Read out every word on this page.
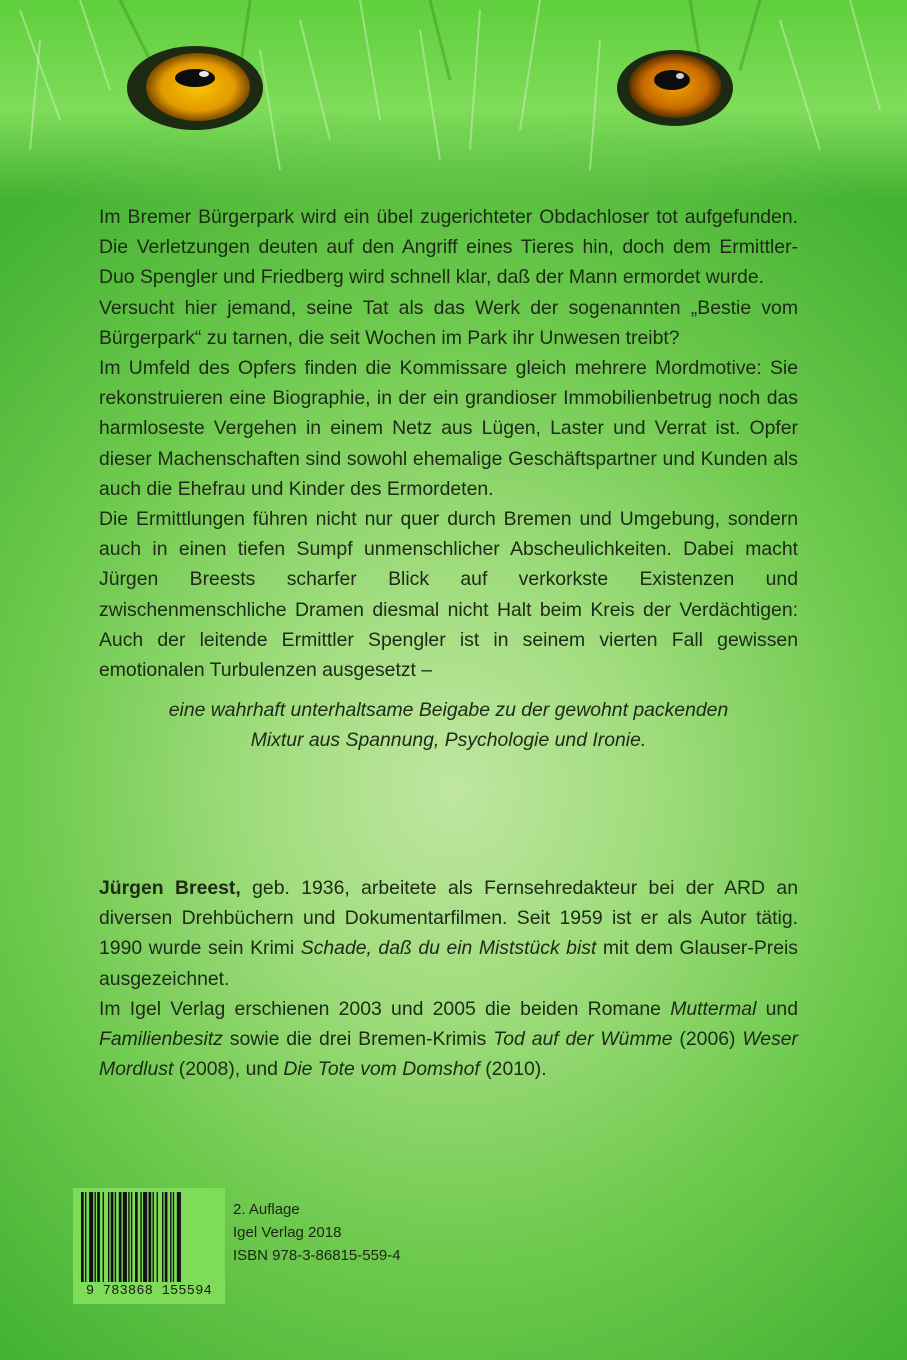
Im Bremer Bürgerpark wird ein übel zugerichteter Obdachloser tot aufgefunden. Die Verletzungen deuten auf den Angriff eines Tieres hin, doch dem Ermittler-Duo Spengler und Friedberg wird schnell klar, daß der Mann ermordet wurde.

Versucht hier jemand, seine Tat als das Werk der sogenannten „Bestie vom Bürgerpark“ zu tarnen, die seit Wochen im Park ihr Unwesen treibt?

Im Umfeld des Opfers finden die Kommissare gleich mehrere Mordmotive: Sie rekonstruieren eine Biographie, in der ein grandioser Immobilienbetrug noch das harmloseste Vergehen in einem Netz aus Lügen, Laster und Verrat ist. Opfer dieser Machenschaften sind sowohl ehemalige Geschäftspartner und Kunden als auch die Ehefrau und Kinder des Ermordeten.

Die Ermittlungen führen nicht nur quer durch Bremen und Umgebung, sondern auch in einen tiefen Sumpf unmenschlicher Abscheulichkeiten. Dabei macht Jürgen Breests scharfer Blick auf verkorkste Existenzen und zwischenmenschliche Dramen diesmal nicht Halt beim Kreis der Verdächtigen: Auch der leitende Ermittler Spengler ist in seinem vierten Fall gewissen emotionalen Turbulenzen ausgesetzt –

eine wahrhaft unterhaltsame Beigabe zu der gewohnt packenden
Mixtur aus Spannung, Psychologie und Ironie.

Jürgen Breest, geb. 1936, arbeitete als Fernsehredakteur bei der ARD an diversen Drehbüchern und Dokumentarfilmen. Seit 1959 ist er als Autor tätig. 1990 wurde sein Krimi Schade, daß du ein Miststück bist mit dem Glauser-Preis ausgezeichnet.

Im Igel Verlag erschienen 2003 und 2005 die beiden Romane Muttermal und Familienbesitz sowie die drei Bremen-Krimis Tod auf der Wümme (2006) Weser Mordlust (2008), und Die Tote vom Domshof (2010).

9 783868 155594
2. Auflage
Igel Verlag 2018
ISBN 978-3-86815-559-4
